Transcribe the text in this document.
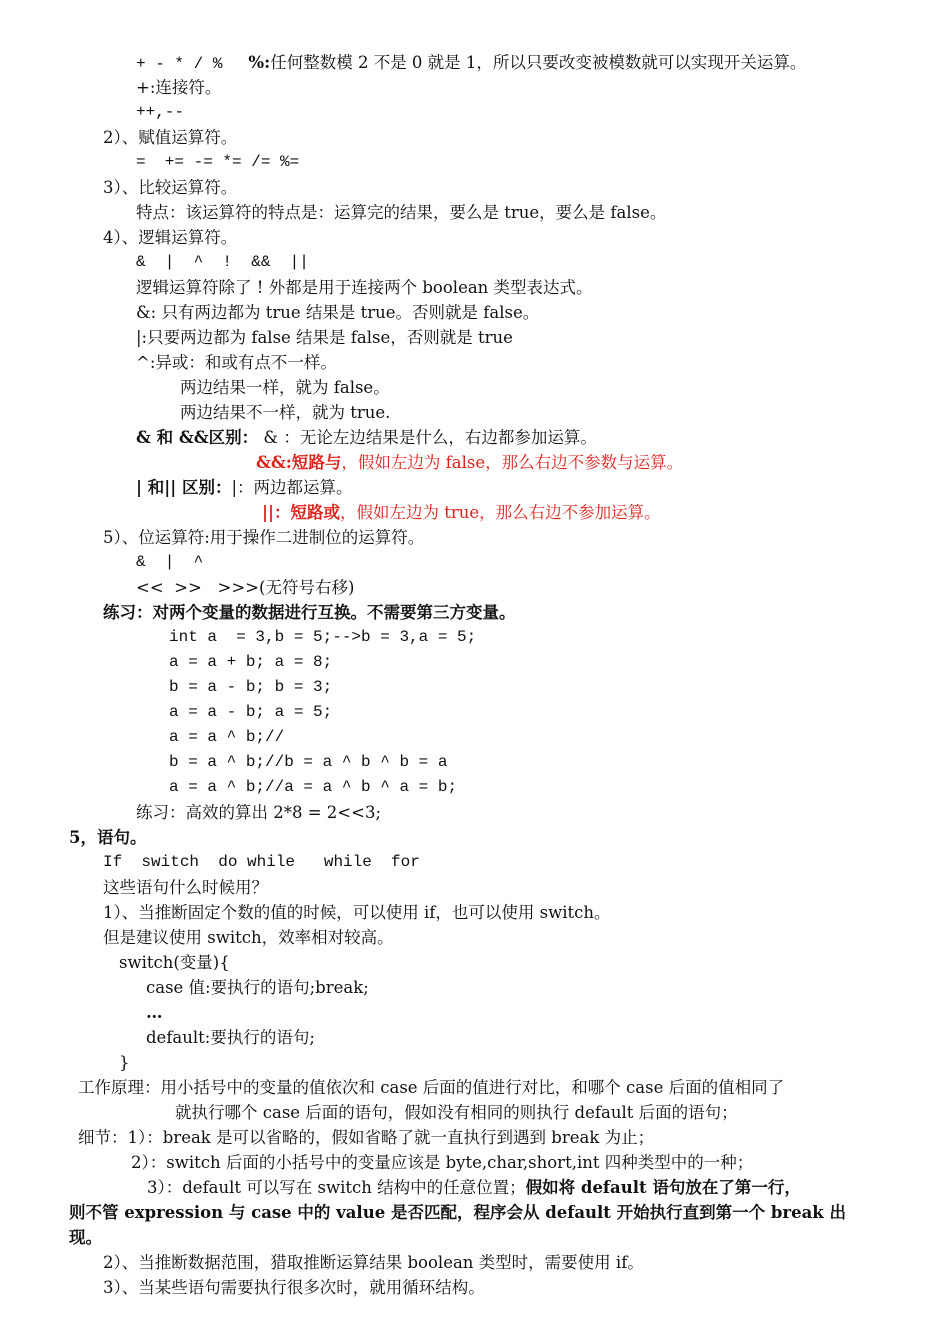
+ - * / % %:任何整数模 2 不是 0 就是 1，所以只要改变被模数就可以实现开关运算。
+:连接符。
++,--
2）、赋值运算符。
=  += -= *= /= %=
3）、比较运算符。
特点：该运算符的特点是：运算完的结果，要么是 true，要么是 false。
4）、逻辑运算符。
&  |  ^  !  &&  ||
逻辑运算符除了 ! 外都是用于连接两个 boolean 类型表达式。
&: 只有两边都为 true 结果是 true。否则就是 false。
|:只要两边都为 false 结果是 false，否则就是 true
^:异或：和或有点不一样。
两边结果一样，就为 false。
两边结果不一样，就为 true.
& 和 &&区别： & ：无论左边结果是什么，右边都参加运算。
&&:短路与，假如左边为 false，那么右边不参数与运算。
| 和|| 区别：|：两边都运算。
||：短路或，假如左边为 true，那么右边不参加运算。
5）、位运算符:用于操作二进制位的运算符。
&  |  ^
<<  >>   >>>(无符号右移)
练习：对两个变量的数据进行互换。不需要第三方变量。
int a  = 3,b = 5;-->b = 3,a = 5;
a = a + b; a = 8;
b = a - b; b = 3;
a = a - b; a = 5;
a = a ^ b;//
b = a ^ b;//b = a ^ b ^ b = a
a = a ^ b;//a = a ^ b ^ a = b;
练习：高效的算出 2*8 = 2<<3;
5，语句。
If  switch  do while   while  for
这些语句什么时候用？
1）、当推断固定个数的值的时候，可以使用 if，也可以使用 switch。
但是建议使用 switch，效率相对较高。
switch(变量){
case 值:要执行的语句;break;
…
default:要执行的语句;
}
工作原理：用小括号中的变量的值依次和 case 后面的值进行对比，和哪个 case 后面的值相同了
就执行哪个 case 后面的语句，假如没有相同的则执行 default 后面的语句；
细节：1）：break 是可以省略的，假如省略了就一直执行到遇到 break 为止；
2）：switch 后面的小括号中的变量应该是 byte,char,short,int 四种类型中的一种；
3）：default 可以写在 switch 结构中的任意位置；假如将 default 语句放在了第一行，
则不管 expression 与 case 中的 value 是否匹配，程序会从 default 开始执行直到第一个 break 出
现。
2）、当推断数据范围，猎取推断运算结果 boolean 类型时，需要使用 if。
3）、当某些语句需要执行很多次时，就用循环结构。
